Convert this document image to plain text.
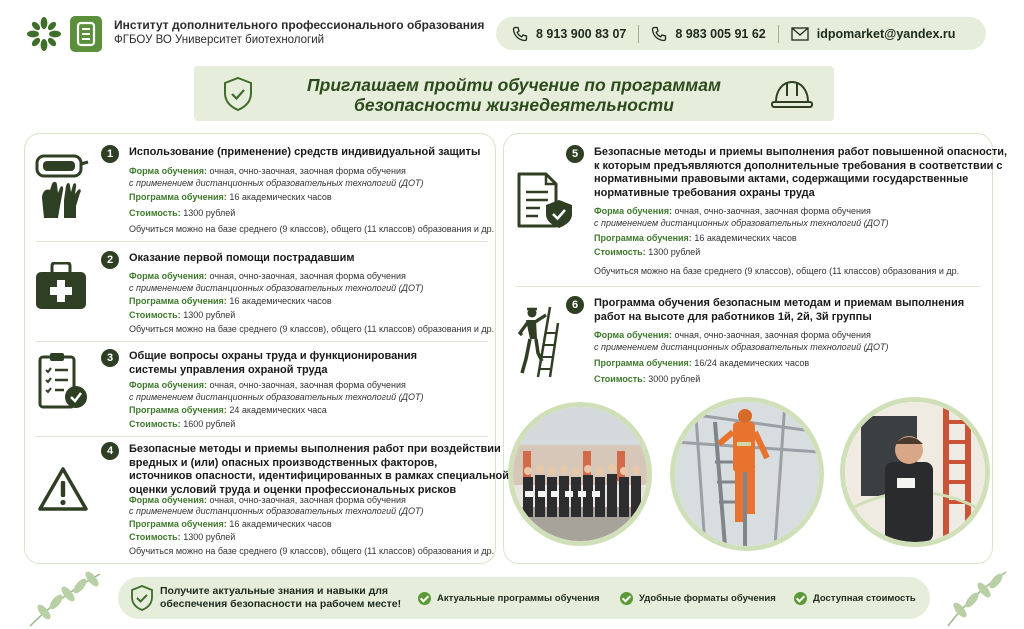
Институт дополнительного профессионального образования
ФГБОУ ВО Университет биотехнологий	8 913 900 83 07	8 983 005 91 62	idpomarket@yandex.ru
Приглашаем пройти обучение по программам
безопасности жизнедеятельности
1	Использование (применение) средств индивидуальной защиты
Форма обучения: очная, очно-заочная, заочная форма обучения
с применением дистанционных образовательных технологий (ДОТ)
Программа обучения: 16 академических часов
Стоимость: 1300 рублей
Обучиться можно на базе среднего (9 классов), общего (11 классов) образования и др.
2	Оказание первой помощи пострадавшим
Форма обучения: очная, очно-заочная, заочная форма обучения
с применением дистанционных образовательных технологий (ДОТ)
Программа обучения: 16 академических часов
Стоимость: 1300 рублей
Обучиться можно на базе среднего (9 классов), общего (11 классов) образования и др.
3	Общие вопросы охраны труда и функционирования
системы управления охраной труда
Форма обучения: очная, очно-заочная, заочная форма обучения
с применением дистанционных образовательных технологий (ДОТ)
Программа обучения: 24 академических часа
Стоимость: 1600 рублей
4	Безопасные методы и приемы выполнения работ при воздействии
вредных и (или) опасных производственных факторов,
источников опасности, идентифицированных в рамках специальной
оценки условий труда и оценки профессиональных рисков
Форма обучения: очная, очно-заочная, заочная форма обучения
с применением дистанционных образовательных технологий (ДОТ)
Программа обучения: 16 академических часов
Стоимость: 1300 рублей
Обучиться можно на базе среднего (9 классов), общего (11 классов) образования и др.
5	Безопасные методы и приемы выполнения работ повышенной опасности,
к которым предъявляются дополнительные требования в соответствии с
нормативными правовыми актами, содержащими государственные
нормативные требования охраны труда
Форма обучения: очная, очно-заочная, заочная форма обучения
с применением дистанционных образовательных технологий (ДОТ)
Программа обучения: 16 академических часов
Стоимость: 1300 рублей
Обучиться можно на базе среднего (9 классов), общего (11 классов) образования и др.
6	Программа обучения безопасным методам и приемам выполнения
работ на высоте для работников 1й, 2й, 3й группы
Форма обучения: очная, очно-заочная, заочная форма обучения
с применением дистанционных образовательных технологий (ДОТ)
Программа обучения: 16/24 академических часов
Стоимость: 3000 рублей
Получите актуальные знания и навыки для
обеспечения безопасности на рабочем месте!	Актуальные программы обучения	Удобные форматы обучения	Доступная стоимость
